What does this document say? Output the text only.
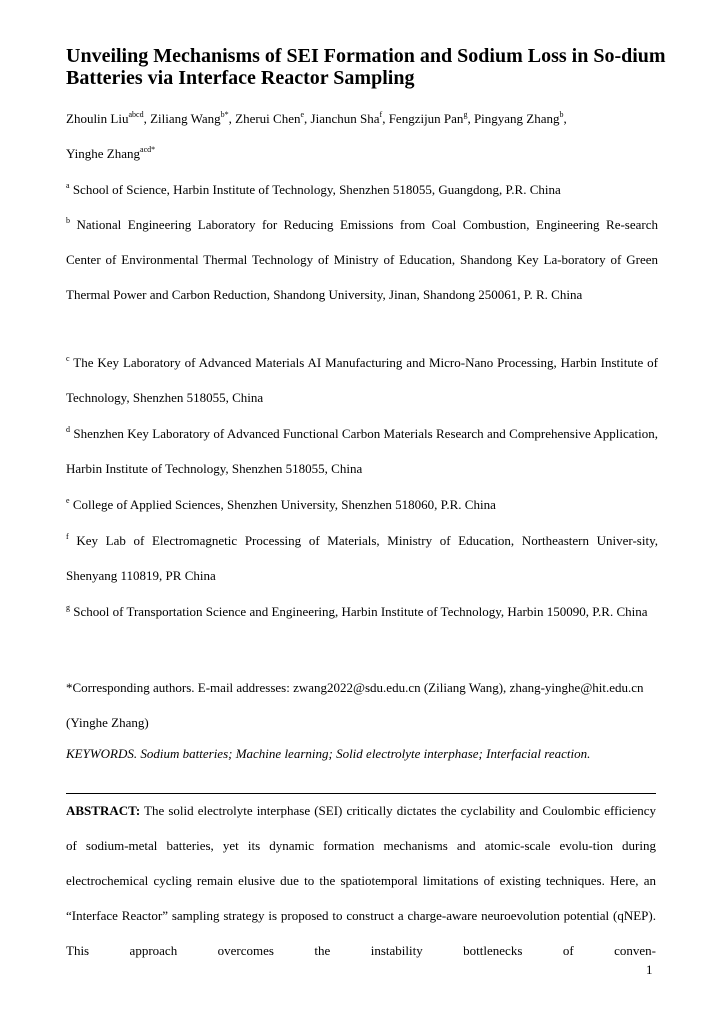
Unveiling Mechanisms of SEI Formation and Sodium Loss in So-dium Batteries via Interface Reactor Sampling
Zhoulin Liu$^{abcd}$, Ziliang Wang$^{b*}$, Zherui Chen$^e$, Jianchun Sha$^f$, Fengzijun Pan$^g$, Pingyang Zhang$^b$,
Yinghe Zhang$^{acd*}$
$^a$ School of Science, Harbin Institute of Technology, Shenzhen 518055, Guangdong, P.R. China
$^b$ National Engineering Laboratory for Reducing Emissions from Coal Combustion, Engineering Re-search Center of Environmental Thermal Technology of Ministry of Education, Shandong Key La-boratory of Green Thermal Power and Carbon Reduction, Shandong University, Jinan, Shandong 250061, P. R. China
$^c$ The Key Laboratory of Advanced Materials AI Manufacturing and Micro-Nano Processing, Harbin Institute of Technology, Shenzhen 518055, China
$^d$ Shenzhen Key Laboratory of Advanced Functional Carbon Materials Research and Comprehensive Application, Harbin Institute of Technology, Shenzhen 518055, China
$^e$ College of Applied Sciences, Shenzhen University, Shenzhen 518060, P.R. China
$^f$ Key Lab of Electromagnetic Processing of Materials, Ministry of Education, Northeastern Univer-sity, Shenyang 110819, PR China
$^g$ School of Transportation Science and Engineering, Harbin Institute of Technology, Harbin 150090, P.R. China
*Corresponding authors. E-mail addresses: zwang2022@sdu.edu.cn (Ziliang Wang), zhang-yinghe@hit.edu.cn (Yinghe Zhang)
KEYWORDS. Sodium batteries; Machine learning; Solid electrolyte interphase; Interfacial reaction.
ABSTRACT: The solid electrolyte interphase (SEI) critically dictates the cyclability and Coulombic efficiency of sodium-metal batteries, yet its dynamic formation mechanisms and atomic-scale evolu-tion during electrochemical cycling remain elusive due to the spatiotemporal limitations of existing techniques. Here, an “Interface Reactor” sampling strategy is proposed to construct a charge-aware neuroevolution potential (qNEP). This approach overcomes the instability bottlenecks of conven-
1
